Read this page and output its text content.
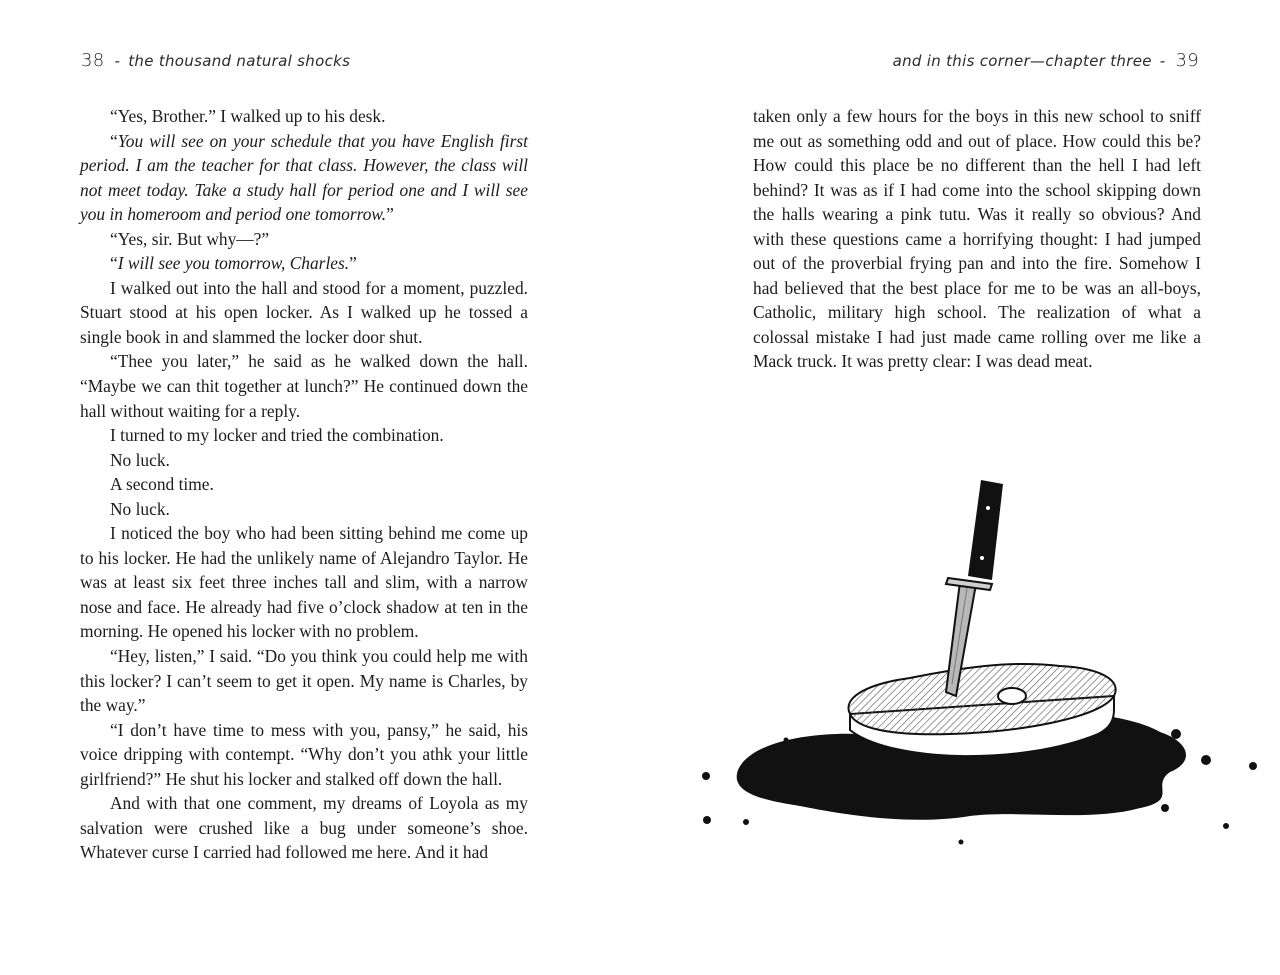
38 - the thousand natural shocks

“Yes, Brother.” I walked up to his desk.

“You will see on your schedule that you have English first period. I am the teacher for that class. However, the class will not meet today. Take a study hall for period one and I will see you in homeroom and period one tomorrow.”

“Yes, sir. But why—?”

“I will see you tomorrow, Charles.”

I walked out into the hall and stood for a moment, puzzled. Stuart stood at his open locker. As I walked up he tossed a single book in and slammed the locker door shut.

“Thee you later,” he said as he walked down the hall. “Maybe we can thit together at lunch?” He continued down the hall without waiting for a reply.

I turned to my locker and tried the combination.

No luck.

A second time.

No luck.

I noticed the boy who had been sitting behind me come up to his locker. He had the unlikely name of Alejandro Taylor. He was at least six feet three inches tall and slim, with a narrow nose and face. He already had five o’clock shadow at ten in the morning. He opened his locker with no problem.

“Hey, listen,” I said. “Do you think you could help me with this locker? I can’t seem to get it open. My name is Charles, by the way.”

“I don’t have time to mess with you, pansy,” he said, his voice dripping with contempt. “Why don’t you athk your little girlfriend?” He shut his locker and stalked off down the hall.

And with that one comment, my dreams of Loyola as my salvation were crushed like a bug under someone’s shoe. Whatever curse I carried had followed me here. And it had

and in this corner—chapter three - 39

taken only a few hours for the boys in this new school to sniff me out as something odd and out of place. How could this be? How could this place be no different than the hell I had left behind? It was as if I had come into the school skipping down the halls wearing a pink tutu. Was it really so obvious? And with these questions came a horrifying thought: I had jumped out of the proverbial frying pan and into the fire. Somehow I had believed that the best place for me to be was an all-boys, Catholic, military high school. The realization of what a colossal mistake I had just made came rolling over me like a Mack truck. It was pretty clear: I was dead meat.
